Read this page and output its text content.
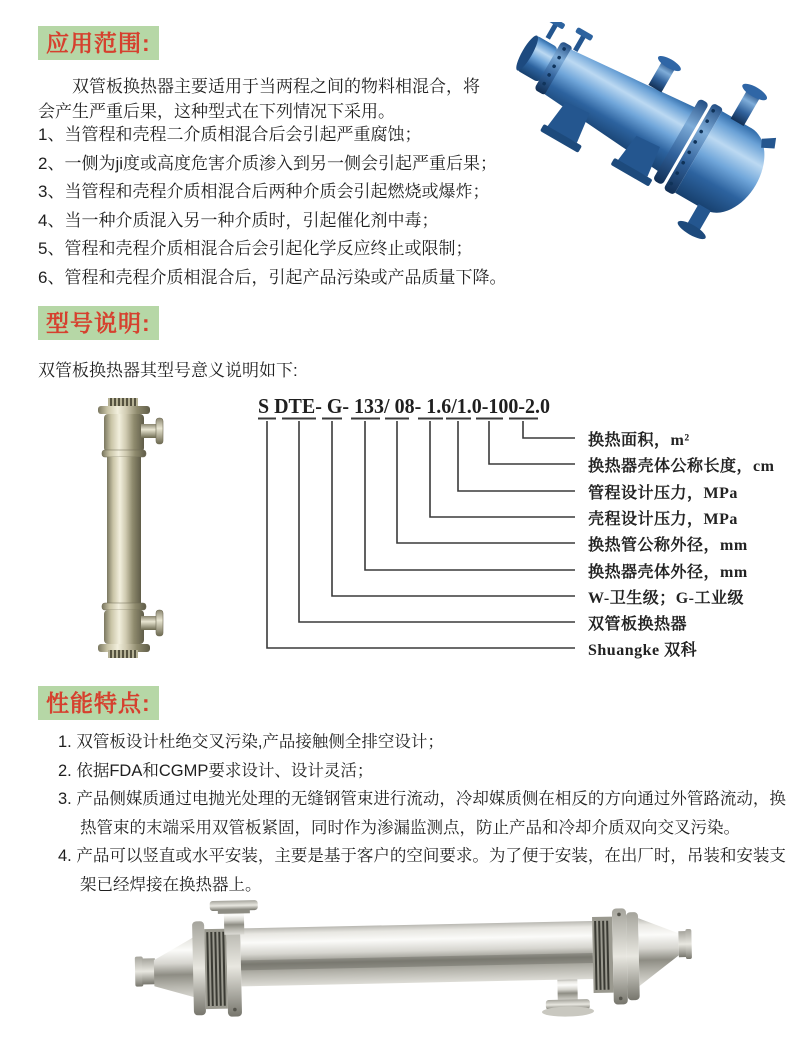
应用范围:
双管板换热器主要适用于当两程之间的物料相混合，将会产生严重后果，这种型式在下列情况下采用。
1、当管程和壳程二介质相混合后会引起严重腐蚀；
2、一侧为ji度或高度危害介质渗入到另一侧会引起严重后果；
3、当管程和壳程介质相混合后两种介质会引起燃烧或爆炸；
4、当一种介质混入另一种介质时，引起催化剂中毒；
5、管程和壳程介质相混合后会引起化学反应终止或限制；
6、管程和壳程介质相混合后，引起产品污染或产品质量下降。
型号说明:
双管板换热器其型号意义说明如下:
S DTE- G- 133/ 08- 1.6/1.0-100-2.0
换热面积，m²
换热器壳体公称长度，cm
管程设计压力，MPa
壳程设计压力，MPa
换热管公称外径，mm
换热器壳体外径，mm
W-卫生级；G-工业级
双管板换热器
Shuangke 双科
性能特点:
1. 双管板设计杜绝交叉污染,产品接触侧全排空设计；
2. 依据FDA和CGMP要求设计、设计灵活；
3. 产品侧媒质通过电抛光处理的无缝钢管束进行流动，冷却媒质侧在相反的方向通过外管路流动，换热管束的末端采用双管板紧固，同时作为渗漏监测点，防止产品和冷却介质双向交叉污染。
4. 产品可以竖直或水平安装，主要是基于客户的空间要求。为了便于安装，在出厂时，吊装和安装支架已经焊接在换热器上。
